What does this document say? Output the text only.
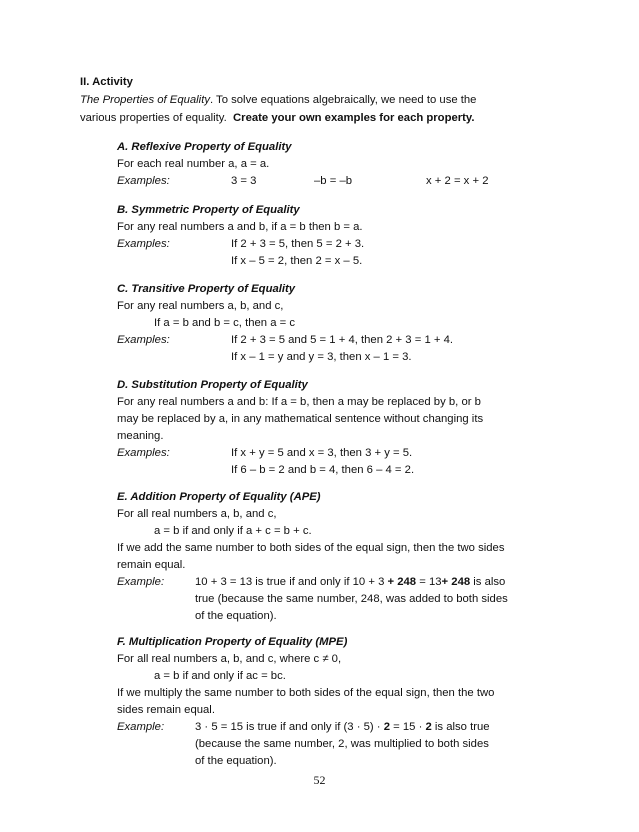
II. Activity
The Properties of Equality. To solve equations algebraically, we need to use the
various properties of equality. Create your own examples for each property.
A. Reflexive Property of Equality
For each real number a, a = a.
Examples:	3 = 3	–b = –b	x + 2 = x + 2
B. Symmetric Property of Equality
For any real numbers a and b, if a = b then b = a.
Examples:	If 2 + 3 = 5, then 5 = 2 + 3.
If x – 5 = 2, then 2 = x – 5.
C. Transitive Property of Equality
For any real numbers a, b, and c,
If a = b and b = c, then a = c
Examples:	If 2 + 3 = 5 and 5 = 1 + 4, then 2 + 3 = 1 + 4.
If x – 1 = y and y = 3, then x – 1 = 3.
D. Substitution Property of Equality
For any real numbers a and b: If a = b, then a may be replaced by b, or b
may be replaced by a, in any mathematical sentence without changing its
meaning.
Examples:	If x + y = 5 and x = 3, then 3 + y = 5.
If 6 – b = 2 and b = 4, then 6 – 4 = 2.
E. Addition Property of Equality (APE)
For all real numbers a, b, and c,
a = b if and only if a + c = b + c.
If we add the same number to both sides of the equal sign, then the two sides
remain equal.
Example:	10 + 3 = 13 is true if and only if 10 + 3 + 248 = 13+ 248 is also
true (because the same number, 248, was added to both sides
of the equation).
F. Multiplication Property of Equality (MPE)
For all real numbers a, b, and c, where c ≠ 0,
a = b if and only if ac = bc.
If we multiply the same number to both sides of the equal sign, then the two
sides remain equal.
Example:	3 · 5 = 15 is true if and only if (3 · 5) · 2 = 15 · 2 is also true
(because the same number, 2, was multiplied to both sides
of the equation).
52
